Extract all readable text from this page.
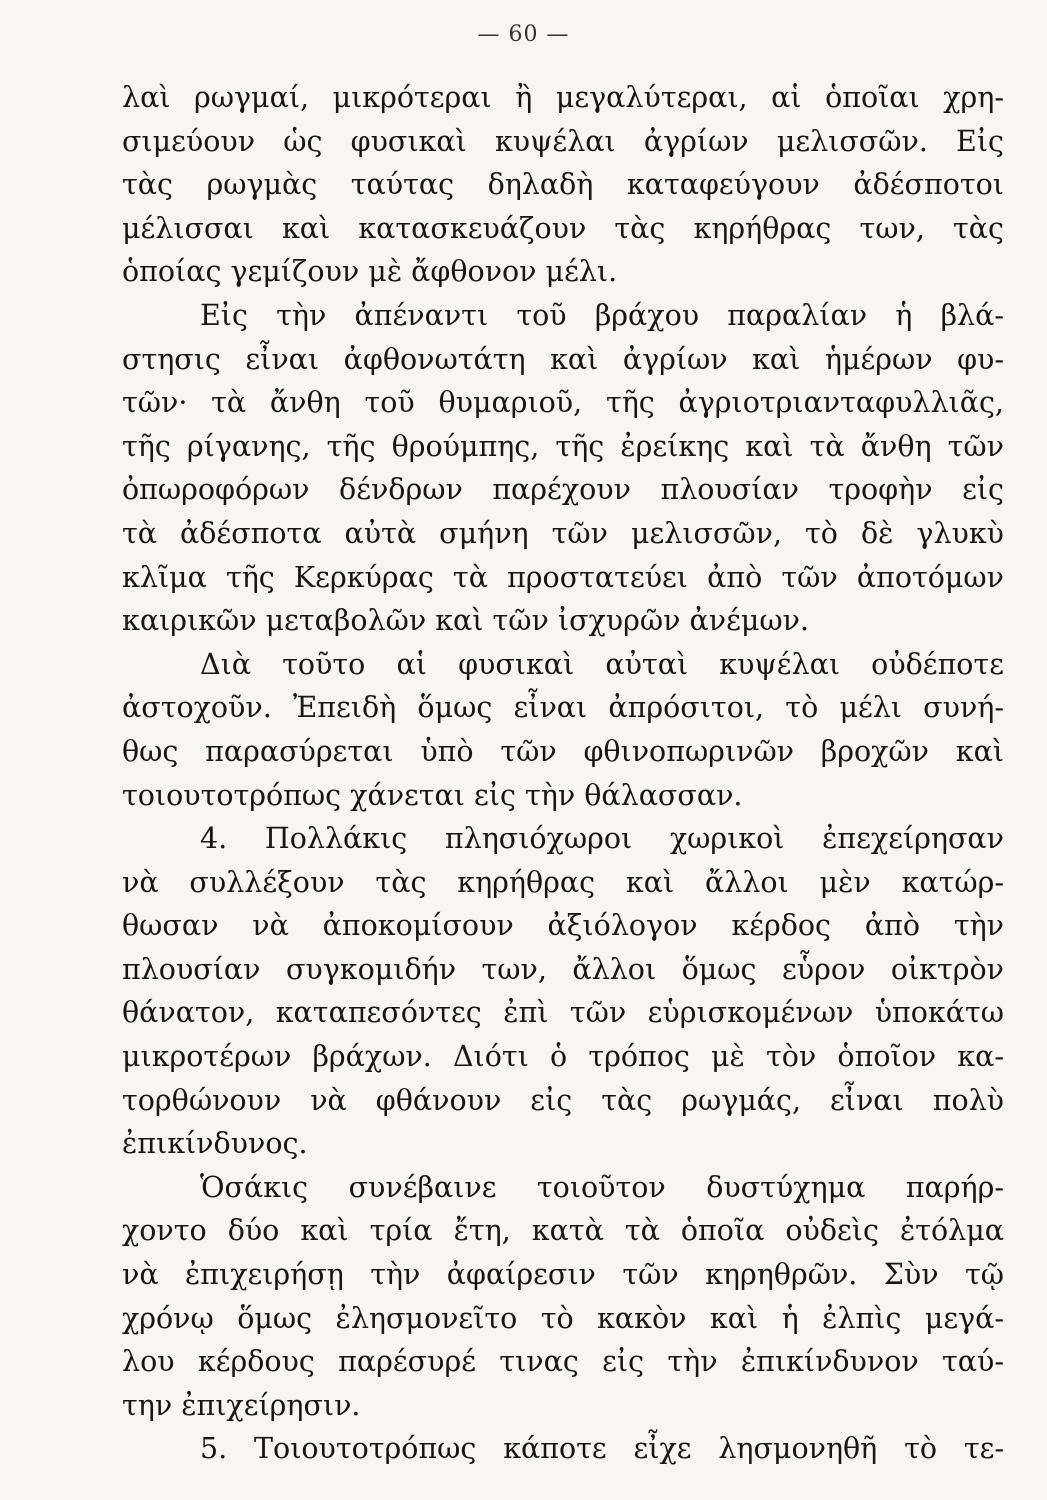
— 60 —
λαὶ ρωγμαί, μικρότεραι ἢ μεγαλύτεραι, αἱ ὁποῖαι χρη-
σιμεύουν ὡς φυσικαὶ κυψέλαι ἀγρίων μελισσῶν. Εἰς
τὰς ρωγμὰς ταύτας δηλαδὴ καταφεύγουν ἀδέσποτοι
μέλισσαι καὶ κατασκευάζουν τὰς κηρήθρας των, τὰς
ὁποίας γεμίζουν μὲ ἄφθονον μέλι.
Εἰς τὴν ἀπέναντι τοῦ βράχου παραλίαν ἡ βλά-
στησις εἶναι ἀφθονωτάτη καὶ ἀγρίων καὶ ἡμέρων φυ-
τῶν· τὰ ἄνθη τοῦ θυμαριοῦ, τῆς ἀγριοτριανταφυλλιᾶς,
τῆς ρίγανης, τῆς θρούμπης, τῆς ἐρείκης καὶ τὰ ἄνθη τῶν
ὀπωροφόρων δένδρων παρέχουν πλουσίαν τροφὴν εἰς
τὰ ἀδέσποτα αὐτὰ σμήνη τῶν μελισσῶν, τὸ δὲ γλυκὺ
κλῖμα τῆς Κερκύρας τὰ προστατεύει ἀπὸ τῶν ἀποτόμων
καιρικῶν μεταβολῶν καὶ τῶν ἰσχυρῶν ἀνέμων.
Διὰ τοῦτο αἱ φυσικαὶ αὐταὶ κυψέλαι οὐδέποτε
ἀστοχοῦν. Ἐπειδὴ ὅμως εἶναι ἀπρόσιτοι, τὸ μέλι συνή-
θως παρασύρεται ὑπὸ τῶν φθινοπωρινῶν βροχῶν καὶ
τοιουτοτρόπως χάνεται εἰς τὴν θάλασσαν.
4. Πολλάκις πλησιόχωροι χωρικοὶ ἐπεχείρησαν
νὰ συλλέξουν τὰς κηρήθρας καὶ ἄλλοι μὲν κατώρ-
θωσαν νὰ ἀποκομίσουν ἀξιόλογον κέρδος ἀπὸ τὴν
πλουσίαν συγκομιδήν των, ἄλλοι ὅμως εὗρον οἰκτρὸν
θάνατον, καταπεσόντες ἐπὶ τῶν εὑρισκομένων ὑποκάτω
μικροτέρων βράχων. Διότι ὁ τρόπος μὲ τὸν ὁποῖον κα-
τορθώνουν νὰ φθάνουν εἰς τὰς ρωγμάς, εἶναι πολὺ
ἐπικίνδυνος.
Ὁσάκις συνέβαινε τοιοῦτον δυστύχημα παρήρ-
χοντο δύο καὶ τρία ἔτη, κατὰ τὰ ὁποῖα οὐδεὶς ἐτόλμα
νὰ ἐπιχειρήσῃ τὴν ἀφαίρεσιν τῶν κηρηθρῶν. Σὺν τῷ
χρόνῳ ὅμως ἐλησμονεῖτο τὸ κακὸν καὶ ἡ ἐλπὶς μεγά-
λου κέρδους παρέσυρέ τινας εἰς τὴν ἐπικίνδυνον ταύ-
την ἐπιχείρησιν.
5. Τοιουτοτρόπως κάποτε εἶχε λησμονηθῆ τὸ τε-
